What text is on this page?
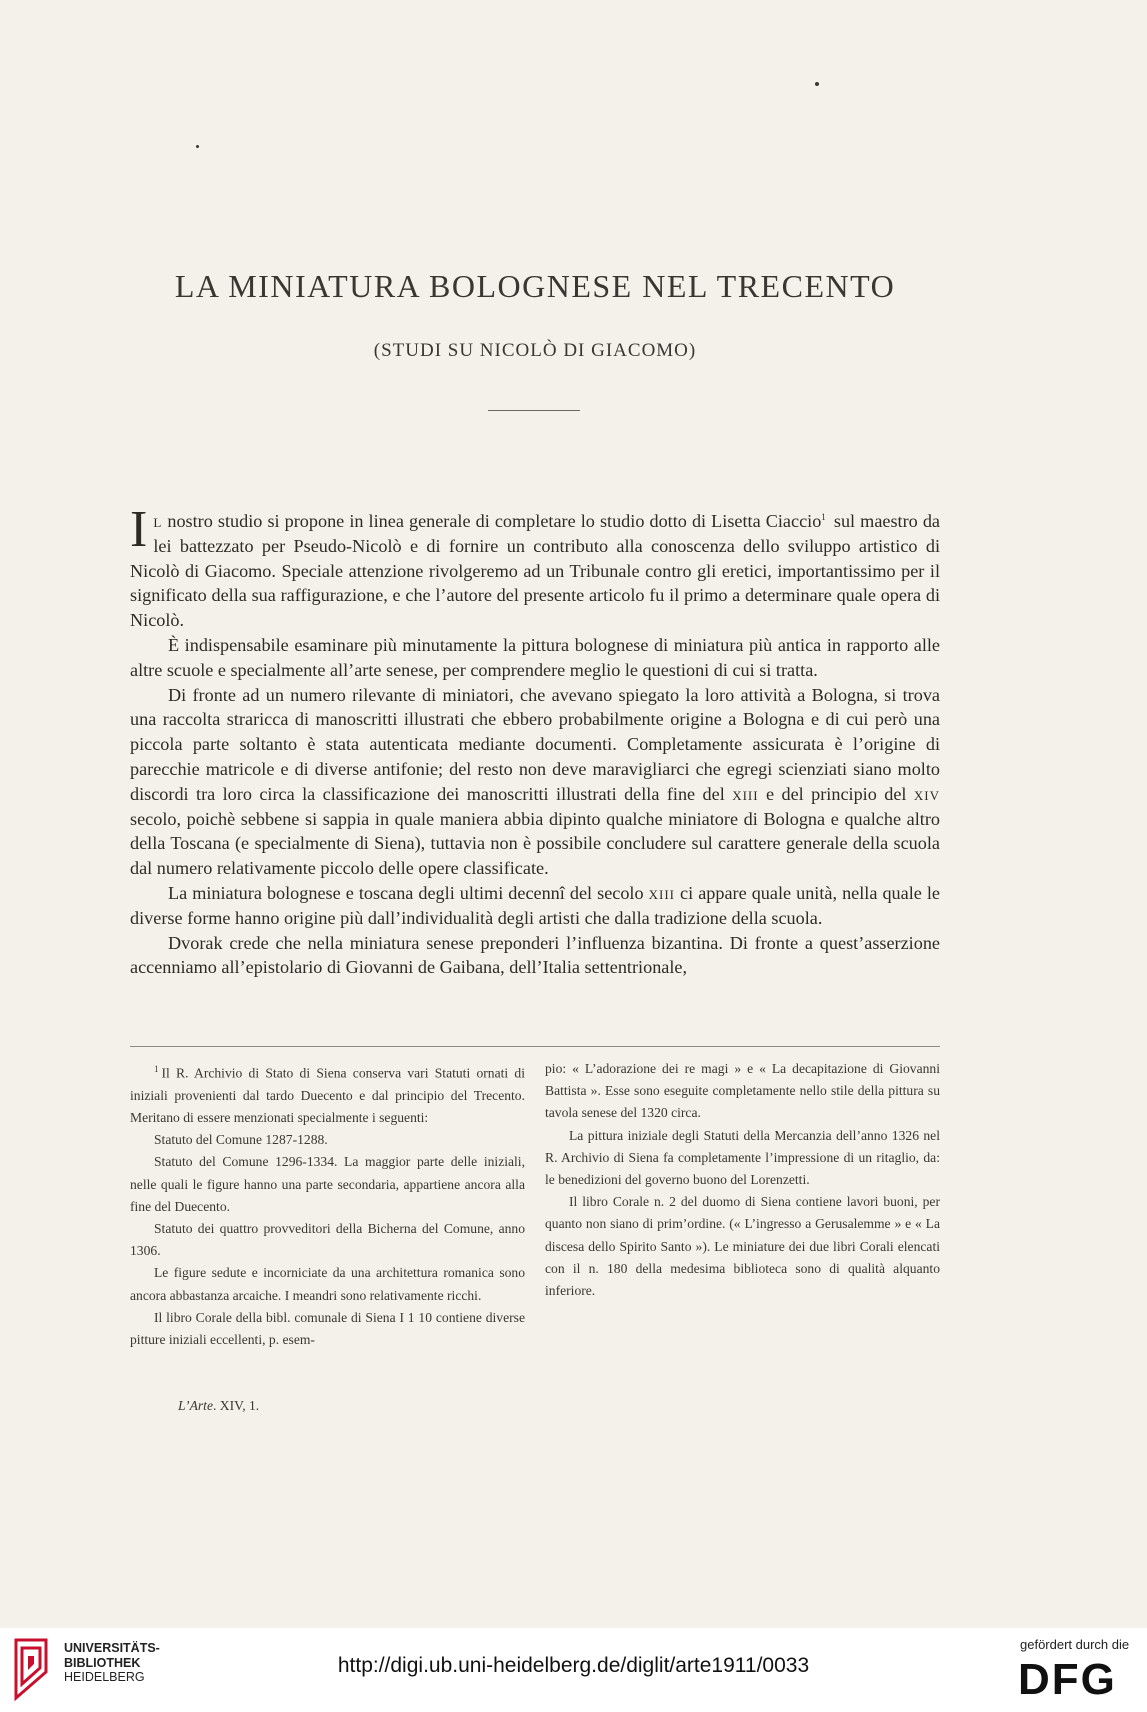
LA MINIATURA BOLOGNESE NEL TRECENTO
(STUDI SU NICOLÒ DI GIACOMO)

Il nostro studio si propone in linea generale di completare lo studio dotto di Lisetta Ciaccio$^1$ sul maestro da lei battezzato per Pseudo-Nicolò e di fornire un contributo alla conoscenza dello sviluppo artistico di Nicolò di Giacomo. Speciale attenzione rivolgeremo ad un Tribunale contro gli eretici, importantissimo per il significato della sua raffigurazione, e che l’autore del presente articolo fu il primo a determinare quale opera di Nicolò.

È indispensabile esaminare più minutamente la pittura bolognese di miniatura più antica in rapporto alle altre scuole e specialmente all’arte senese, per comprendere meglio le questioni di cui si tratta.

Di fronte ad un numero rilevante di miniatori, che avevano spiegato la loro attività a Bologna, si trova una raccolta straricca di manoscritti illustrati che ebbero probabilmente origine a Bologna e di cui però una piccola parte soltanto è stata autenticata mediante documenti. Completamente assicurata è l’origine di parecchie matricole e di diverse antifonie; del resto non deve maravigliarci che egregi scienziati siano molto discordi tra loro circa la classificazione dei manoscritti illustrati della fine del xiii e del principio del xiv secolo, poichè sebbene si sappia in quale maniera abbia dipinto qualche miniatore di Bologna e qualche altro della Toscana (e specialmente di Siena), tuttavia non è possibile concludere sul carattere generale della scuola dal numero relativamente piccolo delle opere classificate.

La miniatura bolognese e toscana degli ultimi decennî del secolo xiii ci appare quale unità, nella quale le diverse forme hanno origine più dall’individualità degli artisti che dalla tradizione della scuola.

Dvorak crede che nella miniatura senese preponderi l’influenza bizantina. Di fronte a quest’asserzione accenniamo all’epistolario di Giovanni de Gaibana, dell’Italia settentrionale,

$^1$ Il R. Archivio di Stato di Siena conserva vari Statuti ornati di iniziali provenienti dal tardo Duecento e dal principio del Trecento. Meritano di essere menzionati specialmente i seguenti:

Statuto del Comune 1287-1288.

Statuto del Comune 1296-1334. La maggior parte delle iniziali, nelle quali le figure hanno una parte secondaria, appartiene ancora alla fine del Duecento.

Statuto dei quattro provveditori della Bicherna del Comune, anno 1306.

Le figure sedute e incorniciate da una architettura romanica sono ancora abbastanza arcaiche. I meandri sono relativamente ricchi.

Il libro Corale della bibl. comunale di Siena I 1 10 contiene diverse pitture iniziali eccellenti, p. esem-

pio: « L’adorazione dei re magi » e « La decapitazione di Giovanni Battista ». Esse sono eseguite completamente nello stile della pittura su tavola senese del 1320 circa.

La pittura iniziale degli Statuti della Mercanzia dell’anno 1326 nel R. Archivio di Siena fa completamente l’impressione di un ritaglio, da: le benedizioni del governo buono del Lorenzetti.

Il libro Corale n. 2 del duomo di Siena contiene lavori buoni, per quanto non siano di prim’ordine. (« L’ingresso a Gerusalemme » e « La discesa dello Spirito Santo »). Le miniature dei due libri Corali elencati con il n. 180 della medesima biblioteca sono di qualità alquanto inferiore.

L’Arte. XIV, 1.
UNIVERSITÄTS-
BIBLIOTHEK
HEIDELBERG	http://digi.ub.uni-heidelberg.de/diglit/arte1911/0033
gefördert durch die
DFG
